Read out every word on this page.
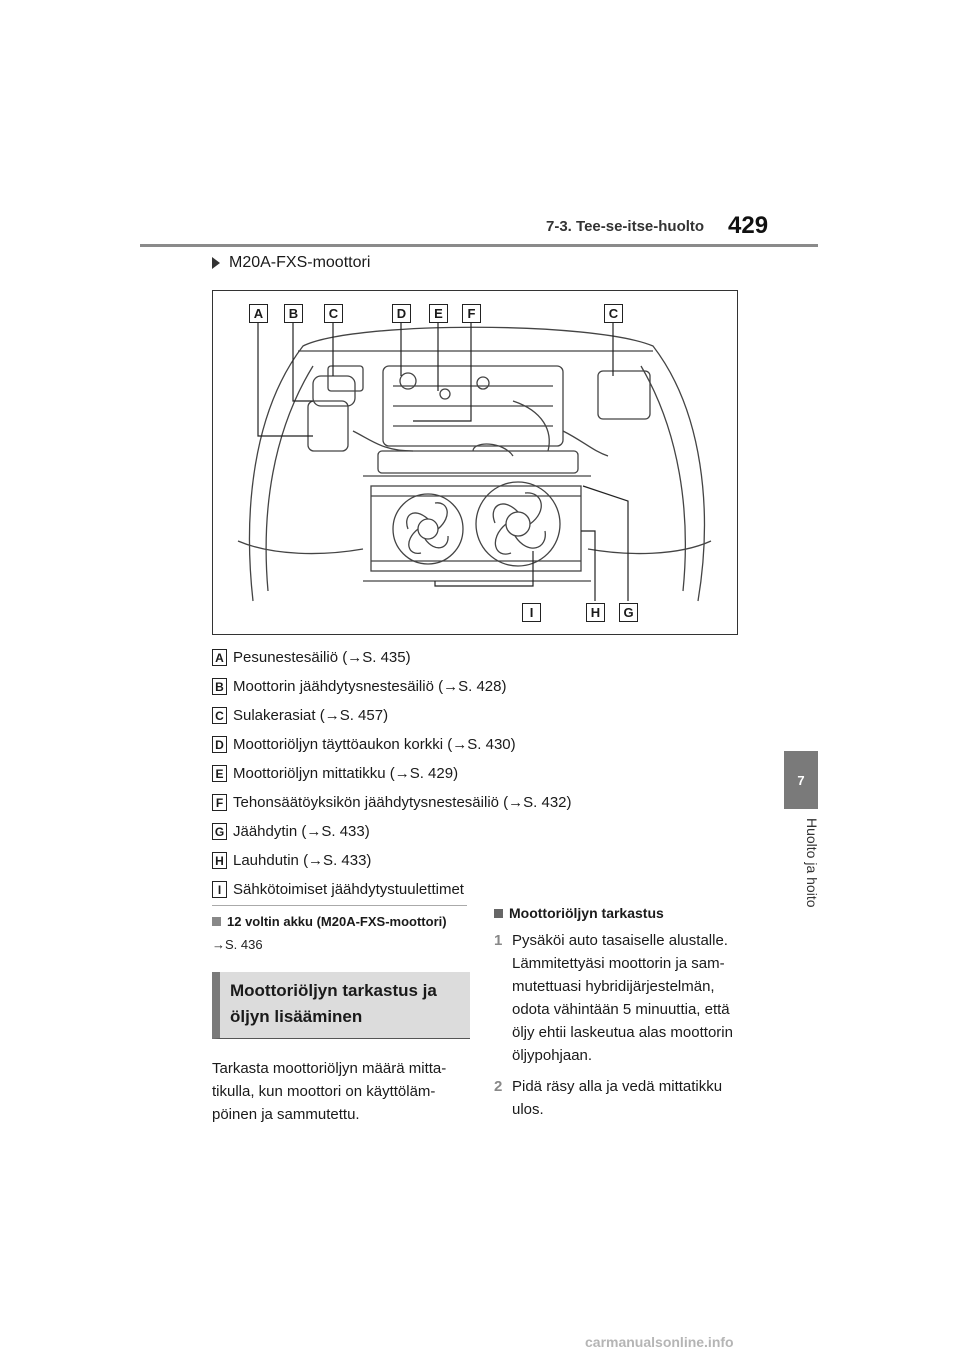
7-3. Tee-se-itse-huolto 429
7
Huolto ja hoito
M20A-FXS-moottori
A	B	C	D	E	F	C
I	H	G
A Pesunestesäiliö (→S. 435)
B Moottorin jäähdytysnestesäiliö (→S. 428)
C Sulakerasiat (→S. 457)
D Moottoriöljyn täyttöaukon korkki (→S. 430)
E Moottoriöljyn mittatikku (→S. 429)
F Tehonsäätöyksikön jäähdytysnestesäiliö (→S. 432)
G Jäähdytin (→S. 433)
H Lauhdutin (→S. 433)
I Sähkötoimiset jäähdytystuulettimet
12 voltin akku (M20A-FXS-moottori)
→S. 436
Moottoriöljyn tarkastus ja
öljyn lisääminen
Tarkasta moottoriöljyn määrä mitta-tikulla, kun moottori on käyttöläm-pöinen ja sammutettu.
Moottoriöljyn tarkastus
1 Pysäköi auto tasaiselle alustalle. Lämmitettyäsi moottorin ja sam-mutettuasi hybridijärjestelmän, odota vähintään 5 minuuttia, että öljy ehtii laskeutua alas moottorin öljypohjaan.
2 Pidä räsy alla ja vedä mittatikku ulos.
carmanualsonline.info
